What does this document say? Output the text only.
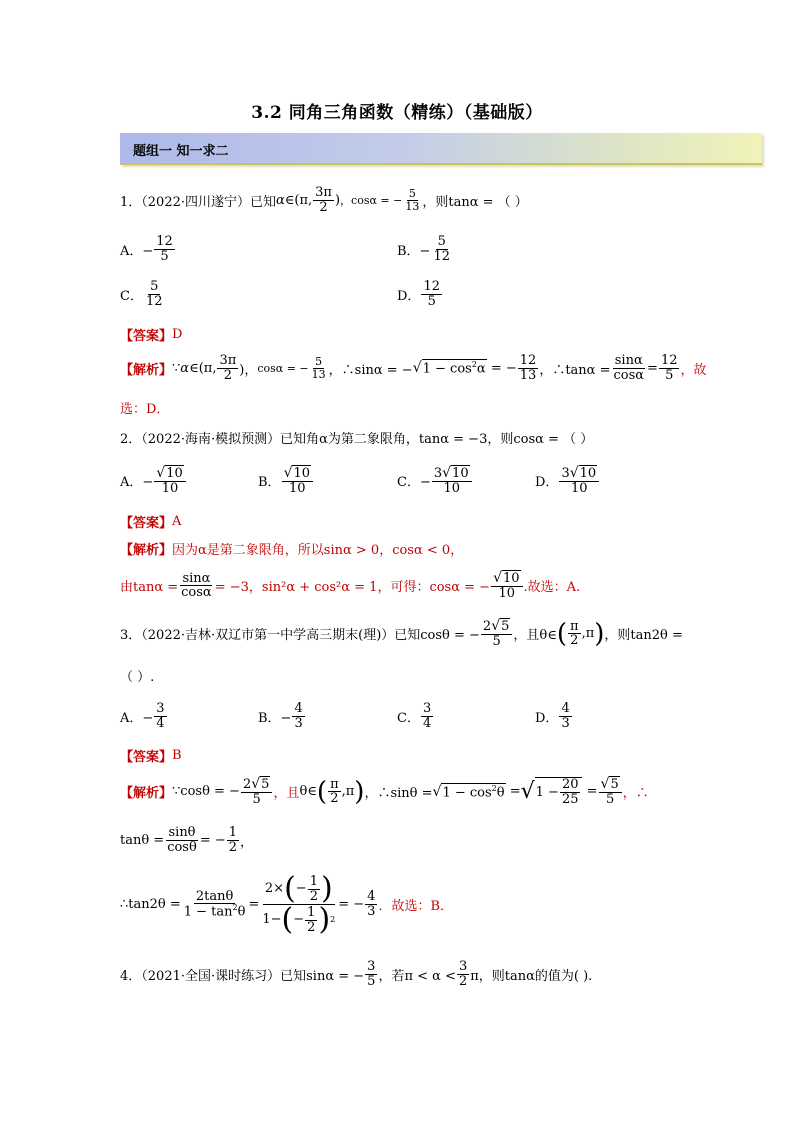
3.2 同角三角函数（精练）（基础版）
题组一 知一求二
1．（2022·四川遂宁）已知 α ∈(π, $\frac{3\pi}{2}$ ) ，cosα = − $\frac{5}{13}$ ，则tanα = （ ）
A．− $\frac{12}{5}$	B．− $\frac{5}{12}$
C． $\frac{5}{12}$	D． $\frac{12}{5}$
【答案】 D
【解析】 ∵ α ∈(π, $\frac{3\pi}{2}$ )， cosα = − $\frac{5}{13}$ ，∴sinα = − √ $1 - \cos^2\alpha$ = − $\frac{12}{13}$ ，∴tanα = $\frac{\sin\alpha}{\cos\alpha} = \frac{12}{5}$ ，故
选：D．
2．（2022·海南·模拟预测）已知角α为第二象限角，tanα = −3，则cosα = （ ）
A．− $\frac{√10}{10}$	B． $\frac{√10}{10}$	C．− $\frac{3√10}{10}$	D． $\frac{3√10}{10}$
【答案】 A
【解析】 因为α是第二象限角，所以sinα > 0，cosα < 0，
由$\tan\alpha = \frac{\sin\alpha}{\cos\alpha} = -3$，sin²α + cos²α = 1，可得：cosα = − $\frac{√10}{10}$ .故选：A.
3．（2022·吉林·双辽市第一中学高三期末(理)）已知cosθ = − $\frac{2√5}{5}$ ，且θ∈ ( $\frac{\pi}{2} ,\pi$ ) ，则tan2θ =
（ ）.
A．− $\frac{3}{4}$	B．− $\frac{4}{3}$	C． $\frac{3}{4}$	D． $\frac{4}{3}$
【答案】 B
【解析】 ∵cosθ = − $\frac{2√5}{5}$ ，且 θ∈ ( $\frac{\pi}{2} ,\pi$ ) ，∴sinθ = √ $1 - \cos^2\theta$ = √ $1 - \frac{20}{25} = \frac{√5}{5}$ ，∴
$\tan\theta = \frac{\sin\theta}{\cos\theta}$ = − $\frac{1}{2}$ ，
∴tan2θ = $\frac{2\tan\theta}{1 - \tan^2\theta} = \frac{2\times ( - \frac{1}{2} )}{1- ( - \frac{1}{2} ) 2}$ = − $\frac{4}{3}$ ．故选：B．
4．（2021·全国·课时练习）已知sinα = − $\frac{3}{5}$ ，若$\pi < \alpha < \frac{3}{2}$ π，则tanα的值为( ).
